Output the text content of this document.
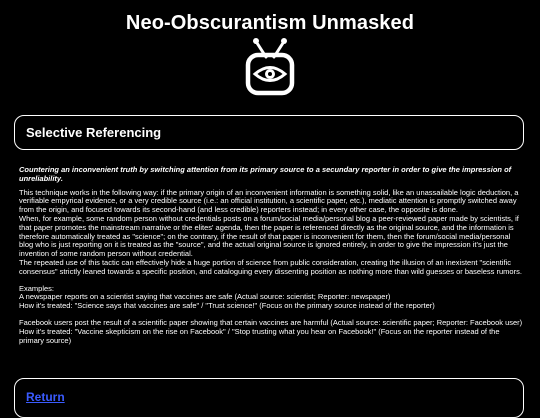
Neo-Obscurantism Unmasked
Selective Referencing

Countering an inconvenient truth by switching attention from its primary source to a secundary reporter in order to give the impression of unreliability.

This technique works in the following way: if the primary origin of an inconvenient information is something solid, like an unassailable logic deduction, a verifiable empyrical evidence, or a very credible source (i.e.: an official institution, a scientific paper, etc.), mediatic attention is promptly switched away from the origin, and focused towards its second-hand (and less credible) reporters instead; in every other case, the opposite is done.

When, for example, some random person without credentials posts on a forum/social media/personal blog a peer-reviewed paper made by scientists, if that paper promotes the mainstream narrative or the elites' agenda, then the paper is referenced directly as the original source, and the information is therefore automatically treated as "science"; on the contrary, if the result of that paper is inconvenient for them, then the forum/social media/personal blog who is just reporting on it is treated as the "source", and the actual original source is ignored entirely, in order to give the impression it's just the invention of some random person without credential.

The repeated use of this tactic can effectively hide a huge portion of science from public consideration, creating the illusion of an inexistent "scientific consensus" strictly leaned towards a specific position, and cataloguing every dissenting position as nothing more than wild guesses or baseless rumors.

Examples:

A newspaper reports on a scientist saying that vaccines are safe (Actual source: scientist; Reporter: newspaper)

How it's treated: "Science says that vaccines are safe" / "Trust science!" (Focus on the primary source instead of the reporter)

Facebook users post the result of a scientific paper showing that certain vaccines are harmful (Actual source: scientific paper; Reporter: Facebook user)

How it's treated: "Vaccine skepticism on the rise on Facebook" / "Stop trusting what you hear on Facebook!" (Focus on the reporter instead of the primary source)

Return
